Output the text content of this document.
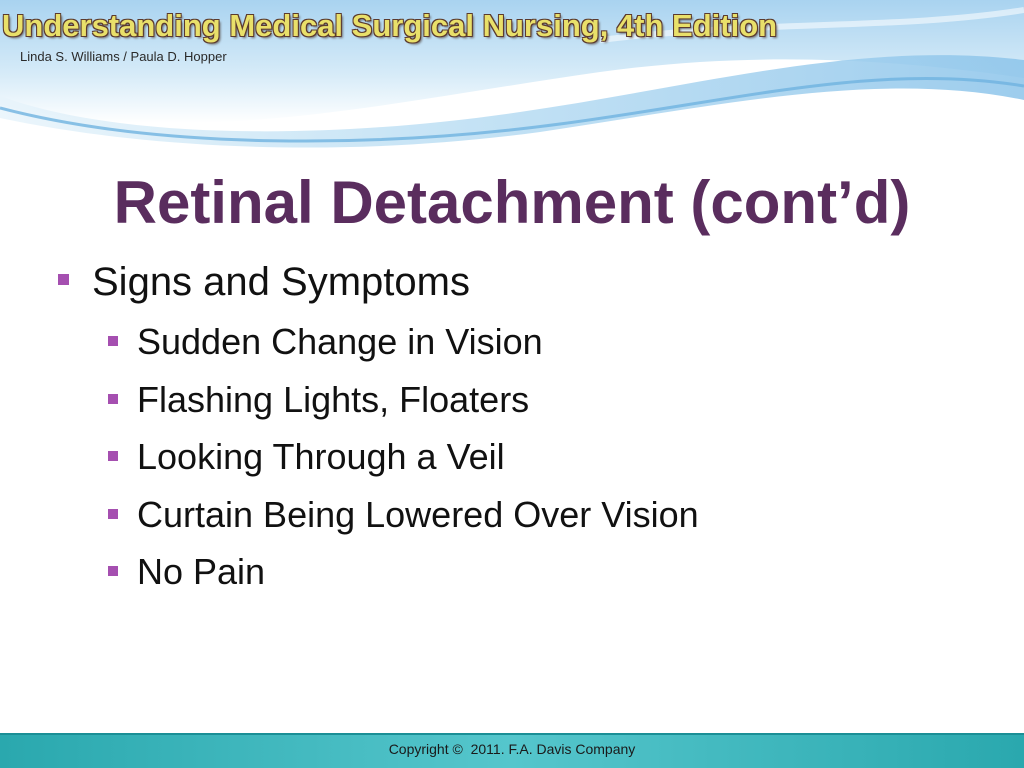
Understanding Medical Surgical Nursing, 4th Edition
Linda S. Williams / Paula D. Hopper
Retinal Detachment (cont’d)
Signs and Symptoms
Sudden Change in Vision
Flashing Lights, Floaters
Looking Through a Veil
Curtain Being Lowered Over Vision
No Pain
Copyright ©  2011. F.A. Davis Company
